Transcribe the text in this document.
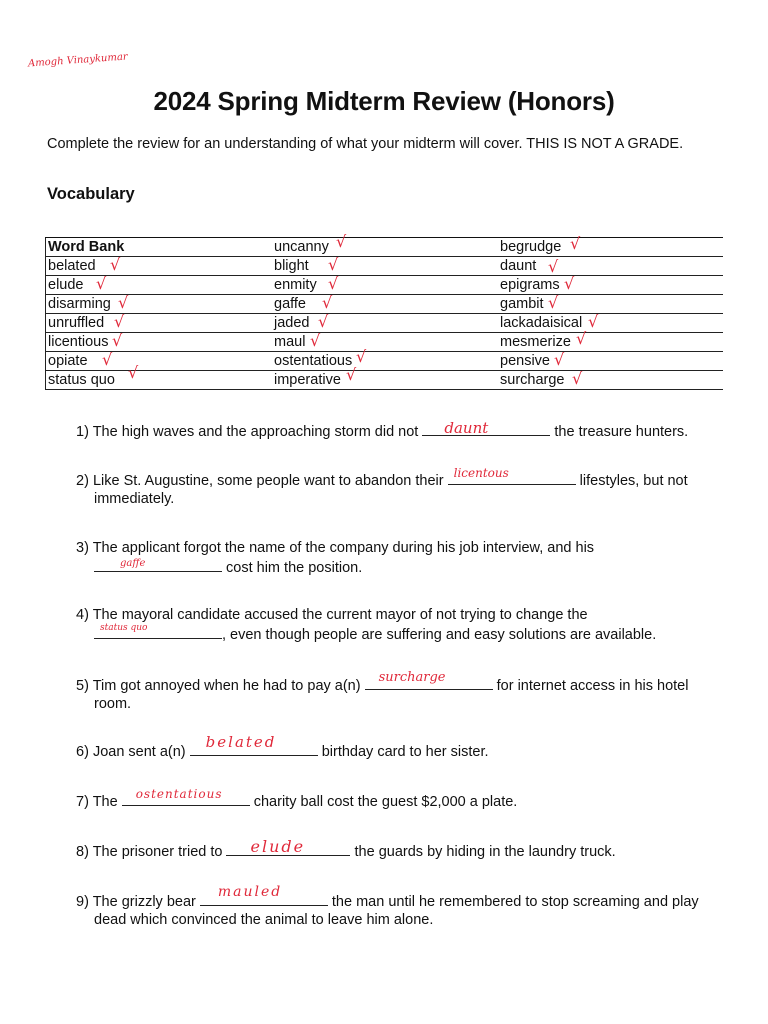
Amogh Vinaykumar
2024 Spring Midterm Review (Honors)

Complete the review for an understanding of what your midterm will cover. THIS IS NOT A GRADE.

Vocabulary
Word Bank	uncanny √	begrudge √

belated √	blight √	daunt √

elude √	enmity √	epigrams √

disarming √	gaffe √	gambit √

unruffled √	jaded √	lackadaisical √

licentious √	maul √	mesmerize √

opiate √	ostentatious √	pensive √

status quo √	imperative √	surcharge √
1) The high waves and the approaching storm did not daunt	the treasure hunters.
2) Like St. Augustine, some people want to abandon their licentous	lifestyles, but not
immediately.
3) The applicant forgot the name of the company during his job interview, and his
gaffe	cost him the position.
4) The mayoral candidate accused the current mayor of not trying to change the
status quo	, even though people are suffering and easy solutions are available.
5) Tim got annoyed when he had to pay a(n)
surcharge
for internet access in his hotel
room.
6) Joan sent a(n)
belated
birthday card to her sister.
7) The ostentatious charity ball cost the guest $2,000 a plate.
8) The prisoner tried to elude	the guards by hiding in the laundry truck.
9) The grizzly bear
mauled
the man until he remembered to stop screaming and play
dead which convinced the animal to leave him alone.
